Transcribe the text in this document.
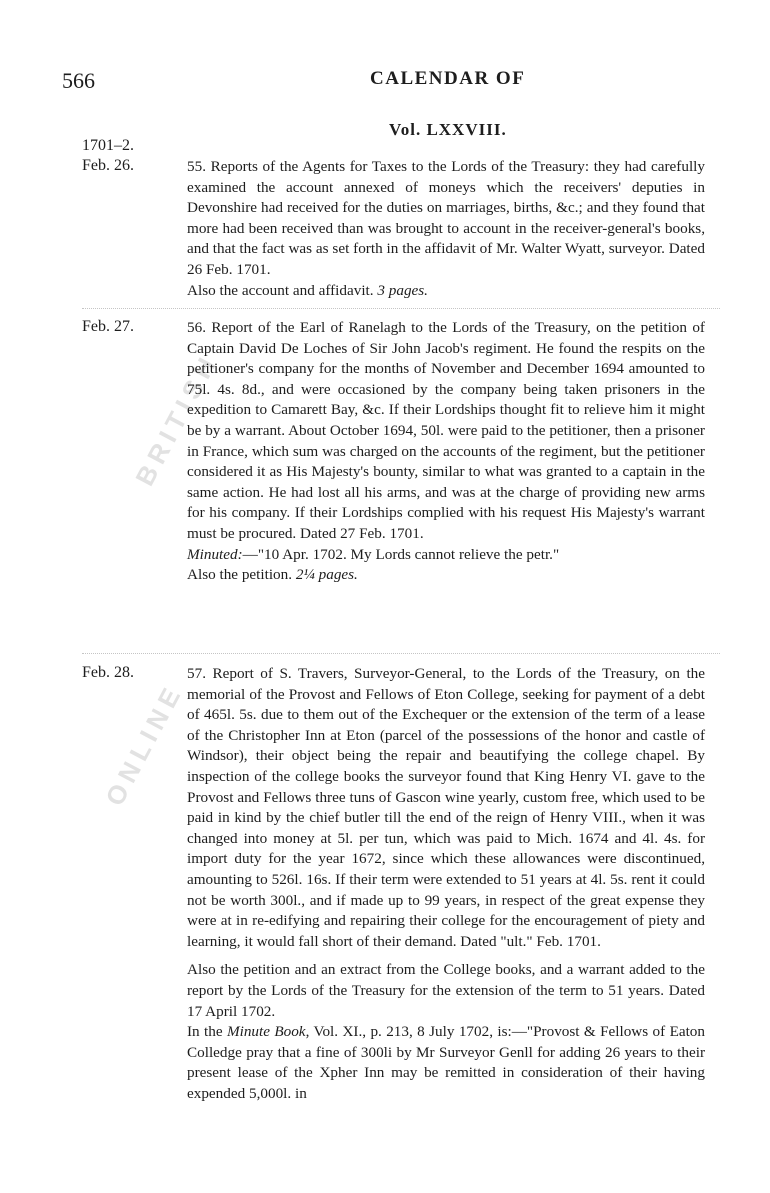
BRITISH
ONLINE
566	CALENDAR OF
Vol. LXXVIII.
1701–2.
Feb. 26.	55. Reports of the Agents for Taxes to the Lords of the Treasury: they had carefully examined the account annexed of moneys which the receivers' deputies in Devonshire had received for the duties on marriages, births, &c.; and they found that more had been received than was brought to account in the receiver-general's books, and that the fact was as set forth in the affidavit of Mr. Walter Wyatt, surveyor. Dated 26 Feb. 1701.

Also the account and affidavit. 3 pages.

Feb. 27.	56. Report of the Earl of Ranelagh to the Lords of the Treasury, on the petition of Captain David De Loches of Sir John Jacob's regiment. He found the respits on the petitioner's company for the months of November and December 1694 amounted to 75l. 4s. 8d., and were occasioned by the company being taken prisoners in the expedition to Camarett Bay, &c. If their Lordships thought fit to relieve him it might be by a warrant. About October 1694, 50l. were paid to the petitioner, then a prisoner in France, which sum was charged on the accounts of the regiment, but the petitioner considered it as His Majesty's bounty, similar to what was granted to a captain in the same action. He had lost all his arms, and was at the charge of providing new arms for his company. If their Lordships complied with his request His Majesty's warrant must be procured. Dated 27 Feb. 1701.

Minuted:—"10 Apr. 1702. My Lords cannot relieve the petr."

Also the petition. 2¼ pages.

Feb. 28.	57. Report of S. Travers, Surveyor-General, to the Lords of the Treasury, on the memorial of the Provost and Fellows of Eton College, seeking for payment of a debt of 465l. 5s. due to them out of the Exchequer or the extension of the term of a lease of the Christopher Inn at Eton (parcel of the possessions of the honor and castle of Windsor), their object being the repair and beautifying the college chapel. By inspection of the college books the surveyor found that King Henry VI. gave to the Provost and Fellows three tuns of Gascon wine yearly, custom free, which used to be paid in kind by the chief butler till the end of the reign of Henry VIII., when it was changed into money at 5l. per tun, which was paid to Mich. 1674 and 4l. 4s. for import duty for the year 1672, since which these allowances were discontinued, amounting to 526l. 16s. If their term were extended to 51 years at 4l. 5s. rent it could not be worth 300l., and if made up to 99 years, in respect of the great expense they were at in re-edifying and repairing their college for the encouragement of piety and learning, it would fall short of their demand. Dated "ult." Feb. 1701.

Also the petition and an extract from the College books, and a warrant added to the report by the Lords of the Treasury for the extension of the term to 51 years. Dated 17 April 1702.

In the Minute Book, Vol. XI., p. 213, 8 July 1702, is:—"Provost & Fellows of Eaton Colledge pray that a fine of 300li by Mr Surveyor Genll for adding 26 years to their present lease of the Xpher Inn may be remitted in consideration of their having expended 5,000l. in
